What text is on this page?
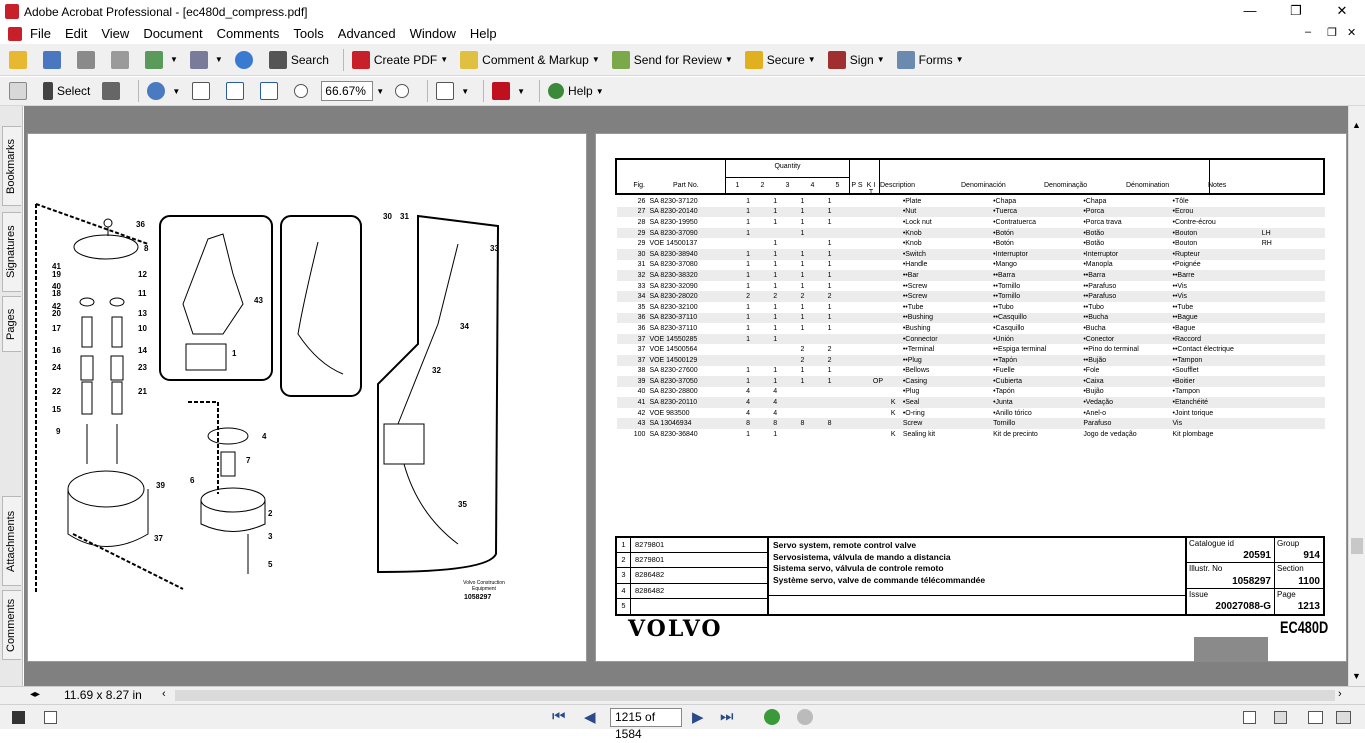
Adobe Acrobat Professional - [ec480d_compress.pdf]	—	❐	✕
File Edit View Document Comments Tools Advanced Window Help	– ❐ ✕
▼	▼	Search	Create PDF ▼	Comment & Markup ▼	Send for Review ▼	Secure ▼	Sign ▼	Forms ▼
Select	▼	66.67%	▼	▼	▼	Help ▼
Bookmarks
Signatures
Pages
Attachments
Comments
36
8
41
19
40
18
42
20
17
16
24
22
15
9
12
11
13
10
14
23
21
39
37
43
1
30 31
33
34
32
35
4
7
6
2
3
5
Volvo Construction Equipment
1058297
Quantity
Fig.	Part No.	1	2	3	4	5	P S K I T
Description	Denominación	Denominação	Dénomination	Notes
26	SA 8230-37120	1	1	1	1				•Plate	•Chapa	•Chapa	•Tôle	
27	SA 8230-20140	1	1	1	1				•Nut	•Tuerca	•Porca	•Ecrou	
28	SA 8230-19950	1	1	1	1				•Lock nut	•Contratuerca	•Porca trava	•Contre-écrou	
29	SA 8230-37090	1		1					•Knob	•Botón	•Botão	•Bouton	LH
29	VOE 14500137		1		1				•Knob	•Botón	•Botão	•Bouton	RH
30	SA 8230-38940	1	1	1	1				•Switch	•Interruptor	•Interruptor	•Rupteur	
31	SA 8230-37080	1	1	1	1				•Handle	•Mango	•Manopla	•Poignée	
32	SA 8230-38320	1	1	1	1				••Bar	••Barra	••Barra	••Barre	
33	SA 8230-32090	1	1	1	1				••Screw	••Tornillo	••Parafuso	••Vis	
34	SA 8230-28020	2	2	2	2				••Screw	••Tornillo	••Parafuso	••Vis	
35	SA 8230-32100	1	1	1	1				••Tube	••Tubo	••Tubo	••Tube	
36	SA 8230-37110	1	1	1	1				••Bushing	••Casquillo	••Bucha	••Bague	
36	SA 8230-37110	1	1	1	1				•Bushing	•Casquillo	•Bucha	•Bague	
37	VOE 14550285	1	1						•Connector	•Unión	•Conector	•Raccord	
37	VOE 14500564			2	2				••Terminal	••Espiga terminal	••Pino do terminal	••Contact électrique	
37	VOE 14500129			2	2				••Plug	••Tapón	••Bujão	••Tampon	
38	SA 8230-27600	1	1	1	1				•Bellows	•Fuelle	•Fole	•Soufflet	
39	SA 8230-37050	1	1	1	1		OP		•Casing	•Cubierta	•Caixa	•Boitier	
40	SA 8230-28800	4	4						•Plug	•Tapón	•Bujão	•Tampon	
41	SA 8230-20110	4	4					K	•Seal	•Junta	•Vedação	•Etanchéité	
42	VOE 983500	4	4					K	•O-ring	•Anillo tórico	•Anel-o	•Joint torique	
43	SA 13046934	8	8	8	8				Screw	Tornillo	Parafuso	Vis	
100	SA 8230-36840	1	1					K	Sealing kit	Kit de precinto	Jogo de vedação	Kit plombage	
1	8279801
2	8279801
3	8286482
4	8286482
5
Servo system, remote control valve
Servosistema, válvula de mando a distancia
Sistema servo, válvula de controle remoto
Système servo, valve de commande télécommandée
Catalogue id
20591
Group
914
Illustr. No
1058297
Section
1100
Issue
20027088-G
Page
1213
VOLVO	EC480D
▲
▼
◂▸ 11.69 x 8.27 in ‹	›
⏮ ◀	1215 of 1584
▶ ⏭
